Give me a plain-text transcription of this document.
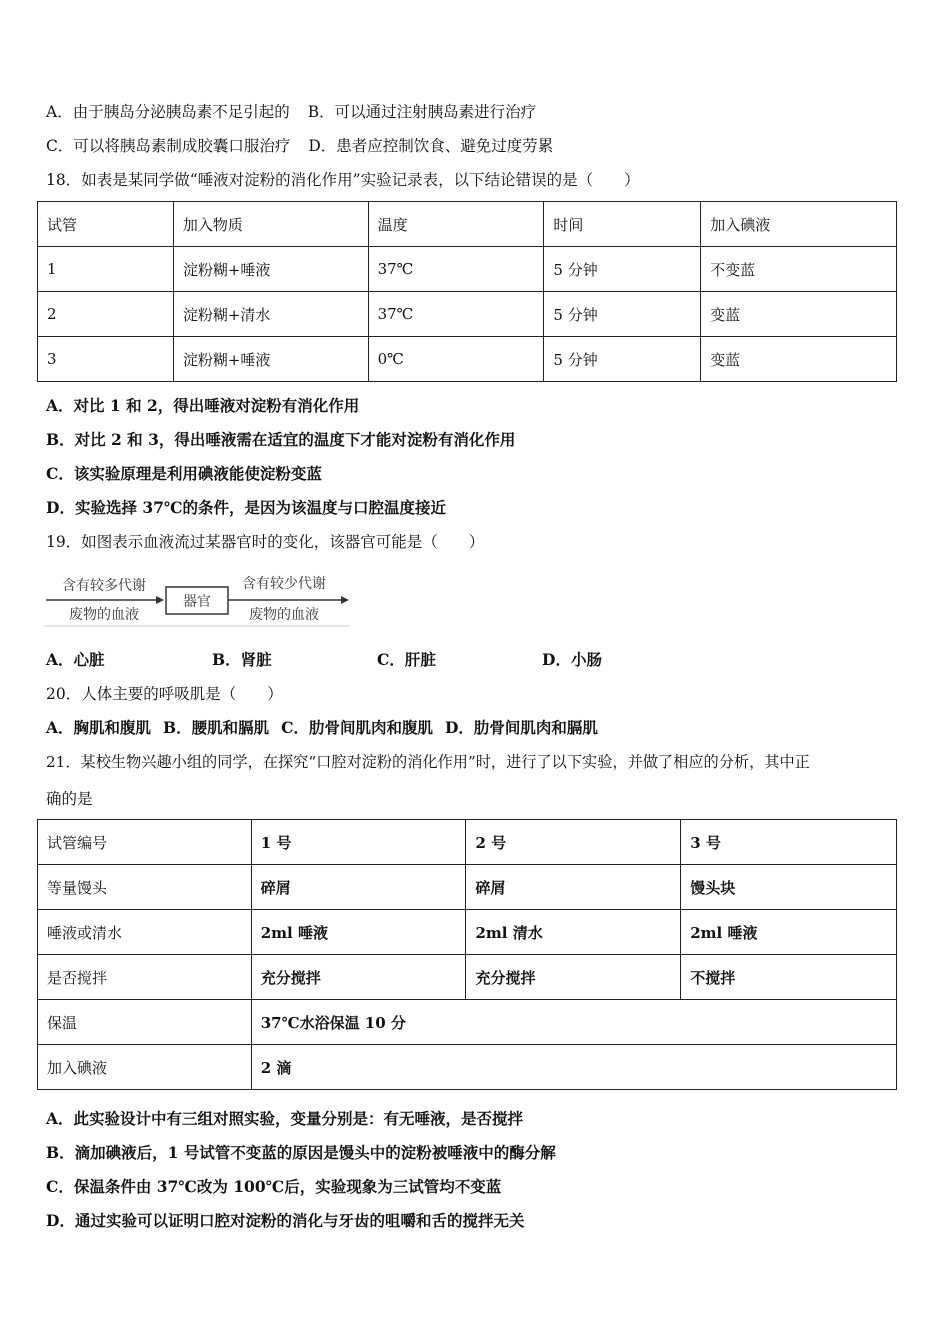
A．由于胰岛分泌胰岛素不足引起的 B．可以通过注射胰岛素进行治疗
C．可以将胰岛素制成胶囊口服治疗 D．患者应控制饮食、避免过度劳累
18．如表是某同学做“唾液对淀粉的消化作用”实验记录表，以下结论错误的是（　　）
试管	加入物质	温度	时间	加入碘液
1	淀粉糊+唾液	37℃	5 分钟	不变蓝
2	淀粉糊+清水	37℃	5 分钟	变蓝
3	淀粉糊+唾液	0℃	5 分钟	变蓝
A．对比 1 和 2，得出唾液对淀粉有消化作用
B．对比 2 和 3，得出唾液需在适宜的温度下才能对淀粉有消化作用
C．该实验原理是利用碘液能使淀粉变蓝
D．实验选择 37℃的条件，是因为该温度与口腔温度接近
19．如图表示血液流过某器官时的变化，该器官可能是（　　）
含有较多代谢
废物的血液
器官
含有较少代谢
废物的血液
A．心脏	B．肾脏	C．肝脏	D．小肠
20．人体主要的呼吸肌是（　　）
A．胸肌和腹肌 B．腰肌和膈肌 C．肋骨间肌肉和腹肌 D．肋骨间肌肉和膈肌
21．某校生物兴趣小组的同学，在探究“口腔对淀粉的消化作用”时，进行了以下实验，并做了相应的分析，其中正
确的是
试管编号	1 号	2 号	3 号
等量馒头	碎屑	碎屑	馒头块
唾液或清水	2ml 唾液	2ml 清水	2ml 唾液
是否搅拌	充分搅拌	充分搅拌	不搅拌
保温	37℃水浴保温 10 分		
加入碘液	2 滴		
A．此实验设计中有三组对照实验，变量分别是：有无唾液，是否搅拌
B．滴加碘液后，1 号试管不变蓝的原因是馒头中的淀粉被唾液中的酶分解
C．保温条件由 37℃改为 100℃后，实验现象为三试管均不变蓝
D．通过实验可以证明口腔对淀粉的消化与牙齿的咀嚼和舌的搅拌无关
